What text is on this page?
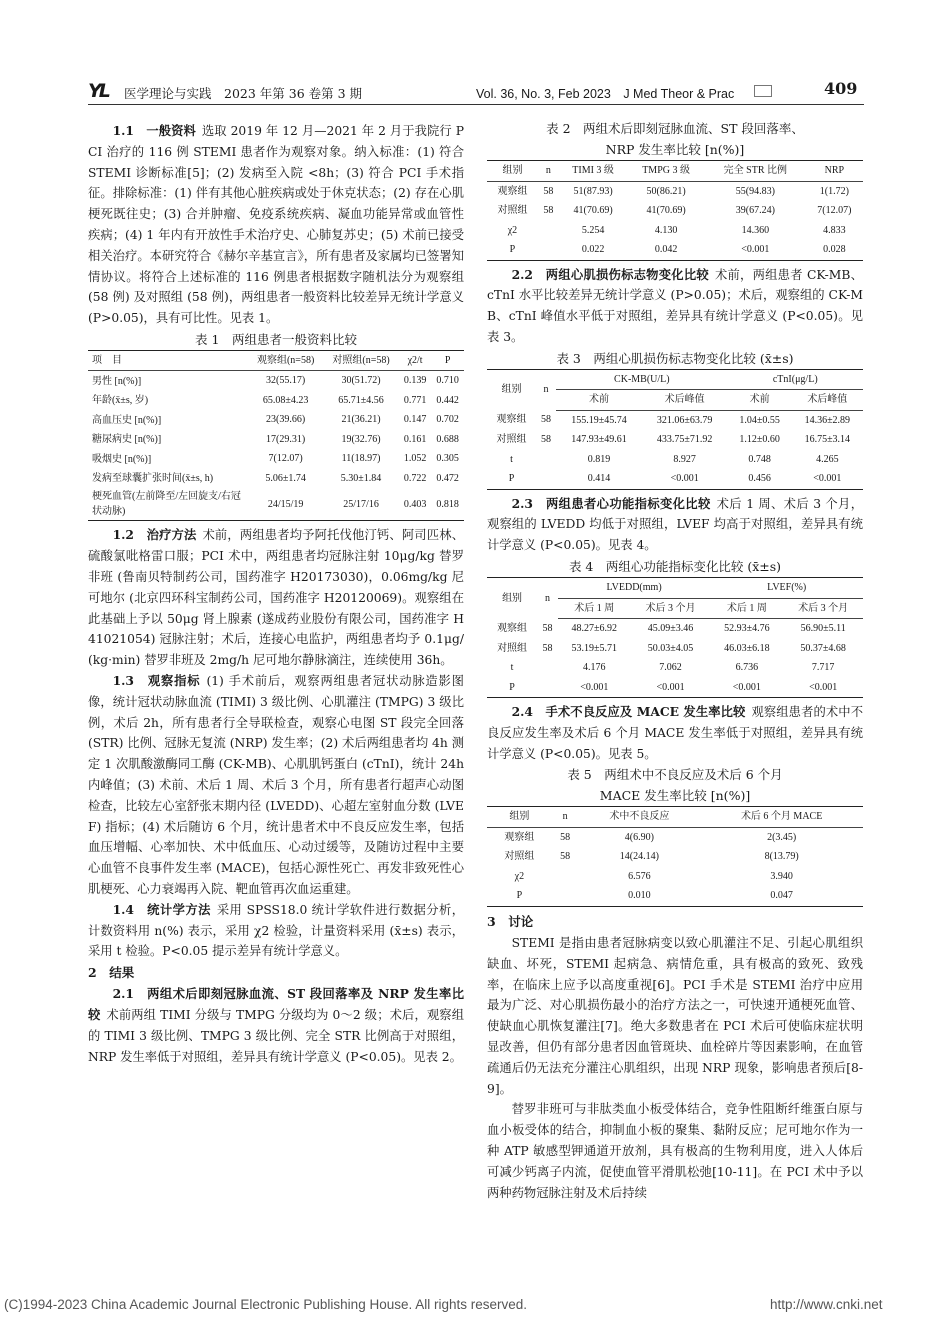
YL 医学理论与实践　2023 年第 36 卷第 3 期	Vol. 36, No. 3, Feb 2023　J Med Theor & Prac	409

1.1　一般资料 选取 2019 年 12 月—2021 年 2 月于我院行 PCI 治疗的 116 例 STEMI 患者作为观察对象。纳入标准：(1) 符合 STEMI 诊断标准[5]；(2) 发病至入院 <8h；(3) 符合 PCI 手术指征。排除标准：(1) 伴有其他心脏疾病或处于休克状态；(2) 存在心肌梗死既往史；(3) 合并肿瘤、免疫系统疾病、凝血功能异常或血管性疾病；(4) 1 年内有开放性手术治疗史、心肺复苏史；(5) 术前已接受相关治疗。本研究符合《赫尔辛基宣言》，所有患者及家属均已签署知情协议。将符合上述标准的 116 例患者根据数字随机法分为观察组 (58 例) 及对照组 (58 例)，两组患者一般资料比较差异无统计学意义 (P>0.05)，具有可比性。见表 1。

表 1　两组患者一般资料比较
项　目	观察组(n=58)	对照组(n=58)	χ2/t	P
男性 [n(%)]	32(55.17)	30(51.72)	0.139	0.710
年龄(x̄±s, 岁)	65.08±4.23	65.71±4.56	0.771	0.442
高血压史 [n(%)]	23(39.66)	21(36.21)	0.147	0.702
糖尿病史 [n(%)]	17(29.31)	19(32.76)	0.161	0.688
吸烟史 [n(%)]	7(12.07)	11(18.97)	1.052	0.305
发病至球囊扩张时间(x̄±s, h)	5.06±1.74	5.30±1.84	0.722	0.472
梗死血管(左前降至/左回旋支/右冠状动脉)	24/15/19	25/17/16	0.403	0.818

1.2　治疗方法 术前，两组患者均予阿托伐他汀钙、阿司匹林、硫酸氯吡格雷口服；PCI 术中，两组患者均冠脉注射 10μg/kg 替罗非班 (鲁南贝特制药公司，国药准字 H20173030)，0.06mg/kg 尼可地尔 (北京四环科宝制药公司，国药准字 H20120069)。观察组在此基础上予以 50μg 肾上腺素 (遂成药业股份有限公司，国药准字 H41021054) 冠脉注射；术后，连接心电监护，两组患者均予 0.1μg/(kg·min) 替罗非班及 2mg/h 尼可地尔静脉滴注，连续使用 36h。

1.3　观察指标 (1) 手术前后，观察两组患者冠状动脉造影图像，统计冠状动脉血流 (TIMI) 3 级比例、心肌灌注 (TMPG) 3 级比例，术后 2h，所有患者行全导联检查，观察心电图 ST 段完全回落 (STR) 比例、冠脉无复流 (NRP) 发生率；(2) 术后两组患者均 4h 测定 1 次肌酸激酶同工酶 (CK-MB)、心肌肌钙蛋白 (cTnI)，统计 24h 内峰值；(3) 术前、术后 1 周、术后 3 个月，所有患者行超声心动图检查，比较左心室舒张末期内径 (LVEDD)、心超左室射血分数 (LVEF) 指标；(4) 术后随访 6 个月，统计患者术中不良反应发生率，包括血压增幅、心率加快、术中低血压、心动过缓等，及随访过程中主要心血管不良事件发生率 (MACE)，包括心源性死亡、再发非致死性心肌梗死、心力衰竭再入院、靶血管再次血运重建。

1.4　统计学方法 采用 SPSS18.0 统计学软件进行数据分析，计数资料用 n(%) 表示，采用 χ2 检验，计量资料采用 (x̄±s) 表示，采用 t 检验。P<0.05 提示差异有统计学意义。

2　结果

2.1　两组术后即刻冠脉血流、ST 段回落率及 NRP 发生率比较 术前两组 TIMI 分级与 TMPG 分级均为 0～2 级；术后，观察组的 TIMI 3 级比例、TMPG 3 级比例、完全 STR 比例高于对照组，NRP 发生率低于对照组，差异具有统计学意义 (P<0.05)。见表 2。

表 2　两组术后即刻冠脉血流、ST 段回落率、
NRP 发生率比较 [n(%)]
组别	n	TIMI 3 级	TMPG 3 级	完全 STR 比例	NRP
观察组	58	51(87.93)	50(86.21)	55(94.83)	1(1.72)
对照组	58	41(70.69)	41(70.69)	39(67.24)	7(12.07)
χ2		5.254	4.130	14.360	4.833
P		0.022	0.042	<0.001	0.028

2.2　两组心肌损伤标志物变化比较 术前，两组患者 CK-MB、cTnI 水平比较差异无统计学意义 (P>0.05)；术后，观察组的 CK-MB、cTnI 峰值水平低于对照组，差异具有统计学意义 (P<0.05)。见表 3。

表 3　两组心肌损伤标志物变化比较 (x̄±s)
组别	n	CK-MB(U/L)		cTnI(μg/L)	
		术前	术后峰值	术前	术后峰值
观察组	58	155.19±45.74	321.06±63.79	1.04±0.55	14.36±2.89
对照组	58	147.93±49.61	433.75±71.92	1.12±0.60	16.75±3.14
t		0.819	8.927	0.748	4.265
P		0.414	<0.001	0.456	<0.001

2.3　两组患者心功能指标变化比较 术后 1 周、术后 3 个月，观察组的 LVEDD 均低于对照组，LVEF 均高于对照组，差异具有统计学意义 (P<0.05)。见表 4。

表 4　两组心功能指标变化比较 (x̄±s)
组别	n	LVEDD(mm)		LVEF(%)	
		术后 1 周	术后 3 个月	术后 1 周	术后 3 个月
观察组	58	48.27±6.92	45.09±3.46	52.93±4.76	56.90±5.11
对照组	58	53.19±5.71	50.03±4.05	46.03±6.18	50.37±4.68
t		4.176	7.062	6.736	7.717
P		<0.001	<0.001	<0.001	<0.001

2.4　手术不良反应及 MACE 发生率比较 观察组患者的术中不良反应发生率及术后 6 个月 MACE 发生率低于对照组，差异具有统计学意义 (P<0.05)。见表 5。

表 5　两组术中不良反应及术后 6 个月
MACE 发生率比较 [n(%)]
组别	n	术中不良反应	术后 6 个月 MACE
观察组	58	4(6.90)	2(3.45)
对照组	58	14(24.14)	8(13.79)
χ2		6.576	3.940
P		0.010	0.047
3　讨论

STEMI 是指由患者冠脉病变以致心肌灌注不足、引起心肌组织缺血、坏死，STEMI 起病急、病情危重，具有极高的致死、致残率，在临床上应予以高度重视[6]。PCI 手术是 STEMI 治疗中应用最为广泛、对心肌损伤最小的治疗方法之一，可快速开通梗死血管、使缺血心肌恢复灌注[7]。绝大多数患者在 PCI 术后可使临床症状明显改善，但仍有部分患者因血管斑块、血栓碎片等因素影响，在血管疏通后仍无法充分灌注心肌组织，出现 NRP 现象，影响患者预后[8-9]。

替罗非班可与非肽类血小板受体结合，竞争性阻断纤维蛋白原与血小板受体的结合，抑制血小板的聚集、黏附反应；尼可地尔作为一种 ATP 敏感型钾通道开放剂，具有极高的生物利用度，进入人体后可减少钙离子内流，促使血管平滑肌松弛[10-11]。在 PCI 术中予以两种药物冠脉注射及术后持续

(C)1994-2023 China Academic Journal Electronic Publishing House. All rights reserved.	http://www.cnki.net
